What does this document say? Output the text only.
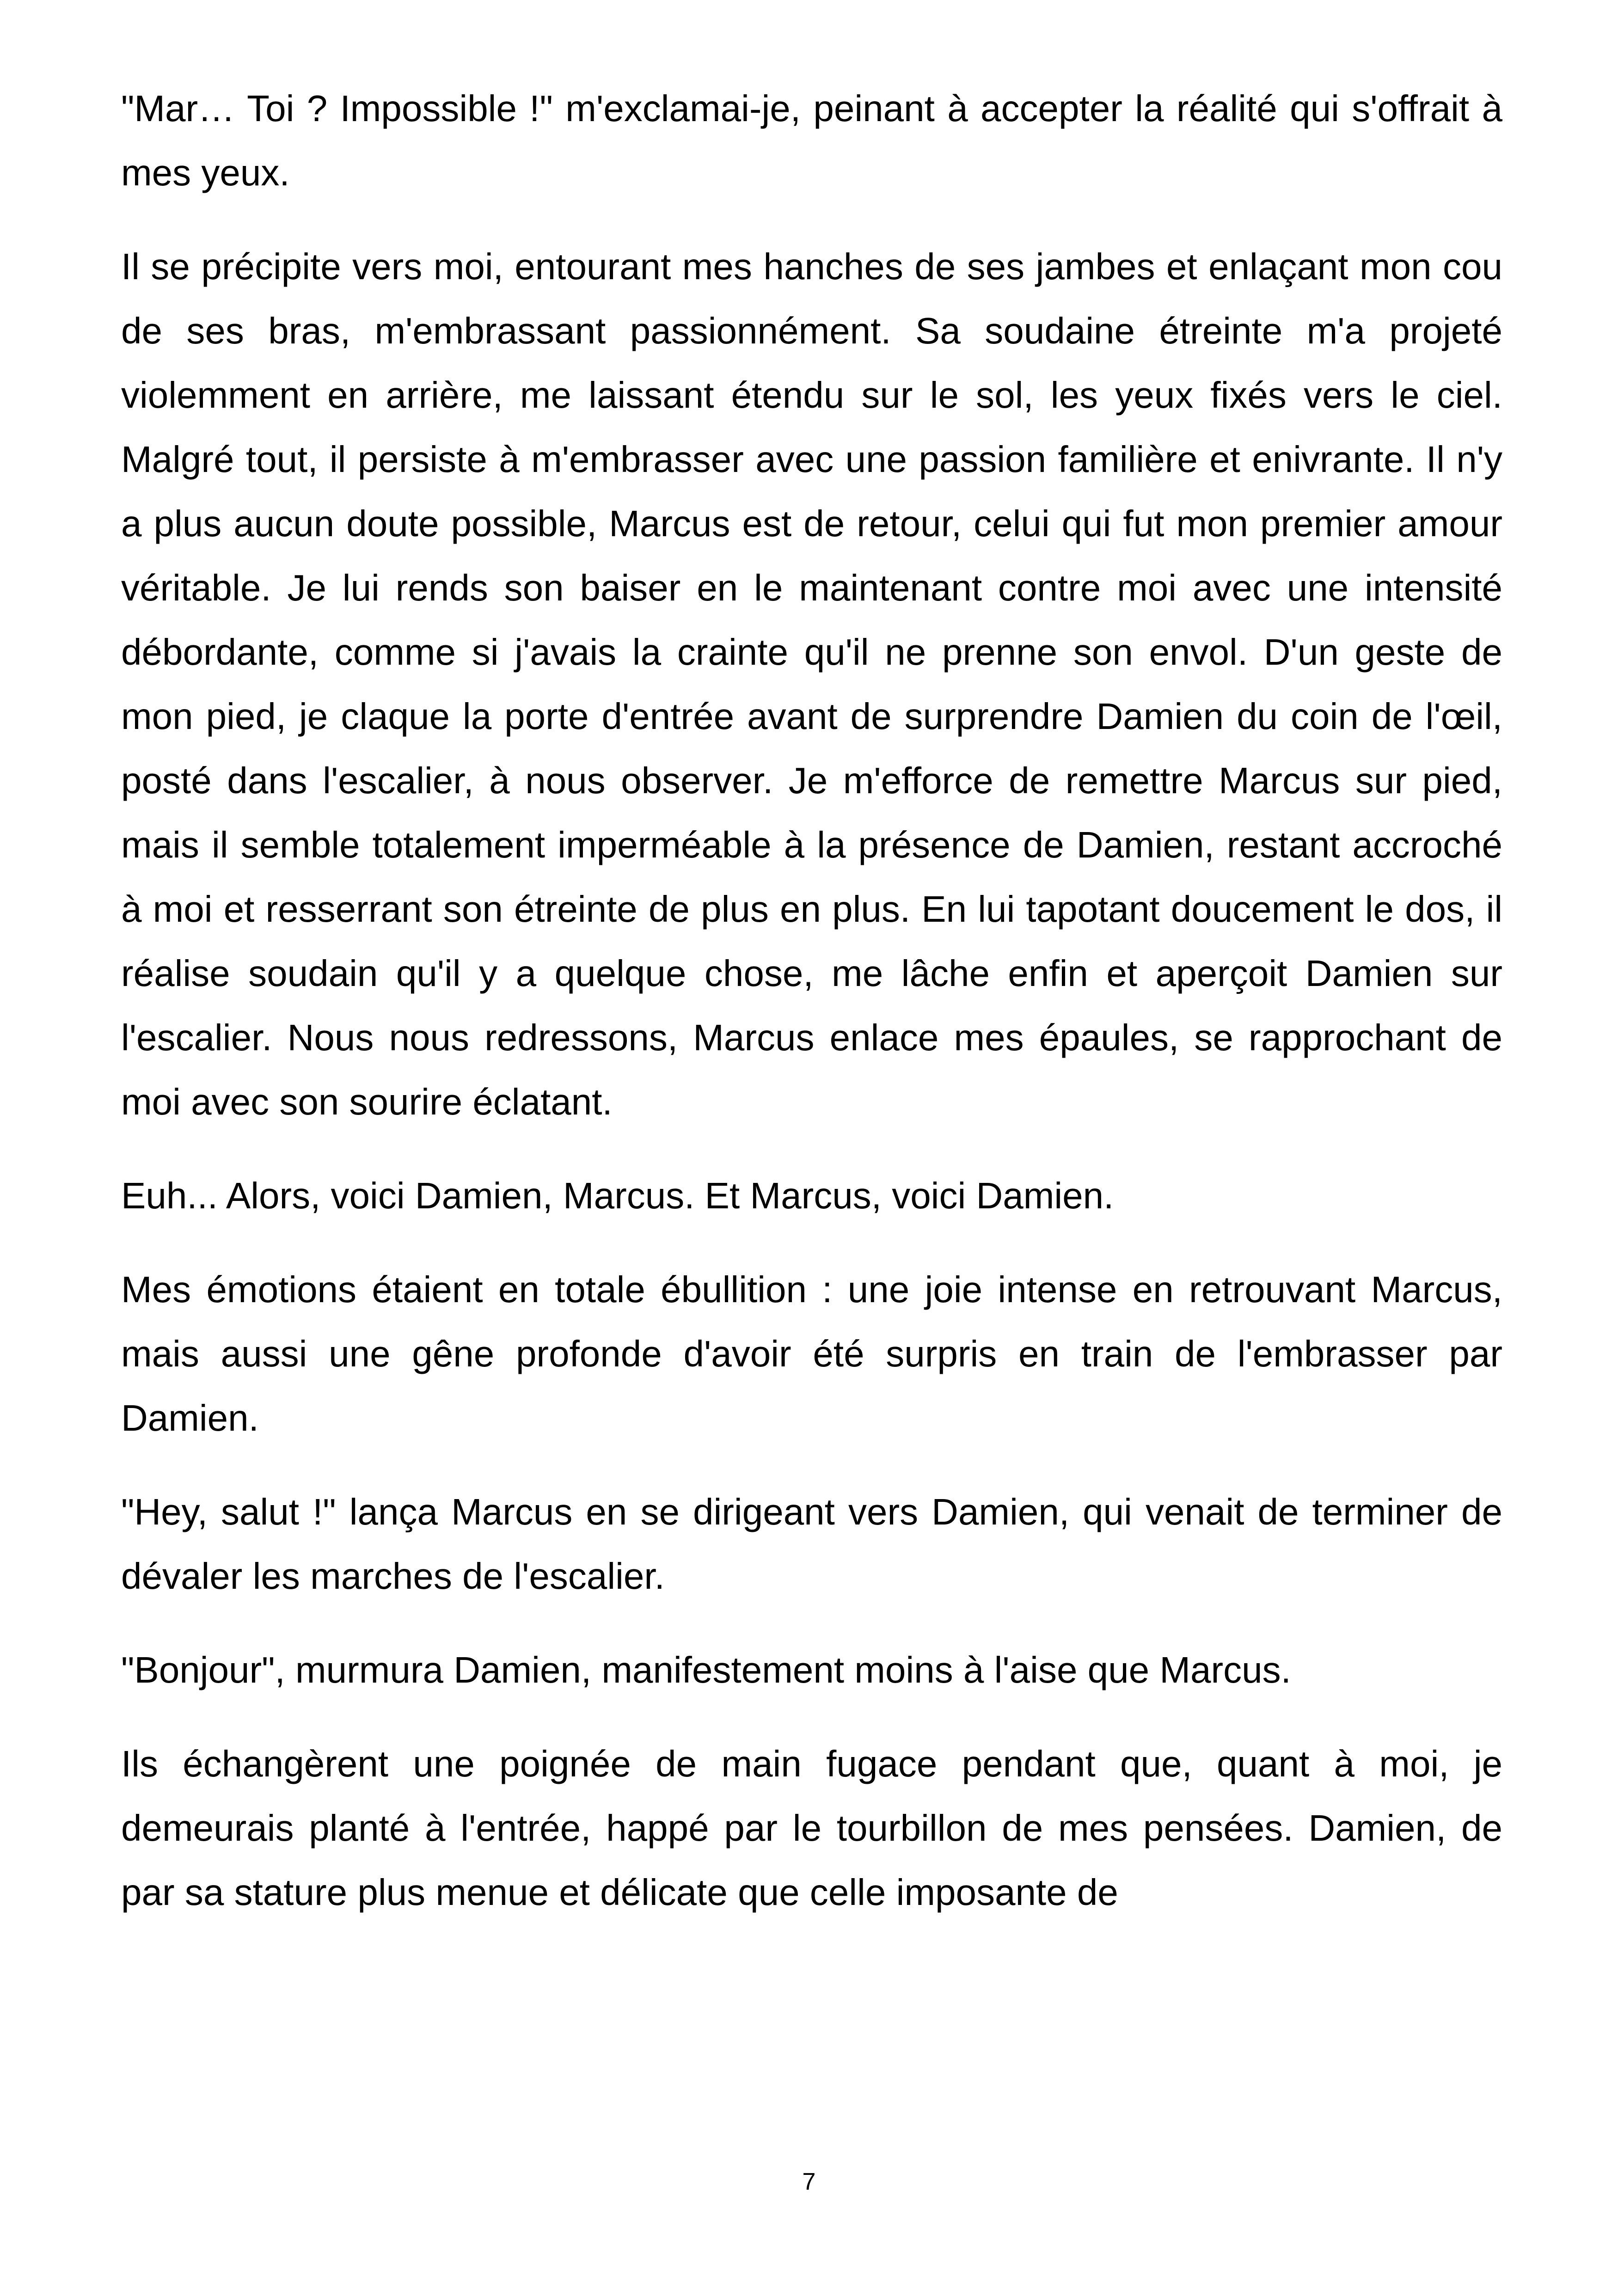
"Mar… Toi ? Impossible !" m'exclamai-je, peinant à accepter la réalité qui s'offrait à mes yeux.

Il se précipite vers moi, entourant mes hanches de ses jambes et enlaçant mon cou de ses bras, m'embrassant passionnément. Sa soudaine étreinte m'a projeté violemment en arrière, me laissant étendu sur le sol, les yeux fixés vers le ciel. Malgré tout, il persiste à m'embrasser avec une passion familière et enivrante. Il n'y a plus aucun doute possible, Marcus est de retour, celui qui fut mon premier amour véritable. Je lui rends son baiser en le maintenant contre moi avec une intensité débordante, comme si j'avais la crainte qu'il ne prenne son envol. D'un geste de mon pied, je claque la porte d'entrée avant de surprendre Damien du coin de l'œil, posté dans l'escalier, à nous observer. Je m'efforce de remettre Marcus sur pied, mais il semble totalement imperméable à la présence de Damien, restant accroché à moi et resserrant son étreinte de plus en plus. En lui tapotant doucement le dos, il réalise soudain qu'il y a quelque chose, me lâche enfin et aperçoit Damien sur l'escalier. Nous nous redressons, Marcus enlace mes épaules, se rapprochant de moi avec son sourire éclatant.

Euh... Alors, voici Damien, Marcus. Et Marcus, voici Damien.

Mes émotions étaient en totale ébullition : une joie intense en retrouvant Marcus, mais aussi une gêne profonde d'avoir été surpris en train de l'embrasser par Damien.

"Hey, salut !" lança Marcus en se dirigeant vers Damien, qui venait de terminer de dévaler les marches de l'escalier.

"Bonjour", murmura Damien, manifestement moins à l'aise que Marcus.

Ils échangèrent une poignée de main fugace pendant que, quant à moi, je demeurais planté à l'entrée, happé par le tourbillon de mes pensées. Damien, de par sa stature plus menue et délicate que celle imposante de

7
